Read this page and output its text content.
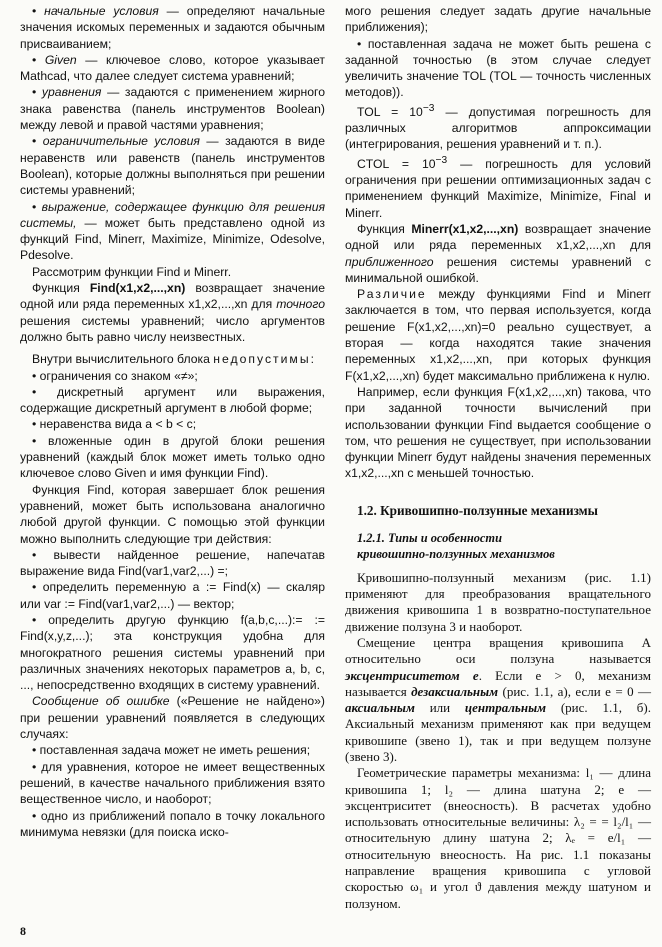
• начальные условия — определяют начальные значения искомых переменных и задаются обычным присваиванием;

• Given — ключевое слово, которое указывает Mathcad, что далее следует система уравнений;

• уравнения — задаются с применением жирного знака равенства (панель инструментов Boolean) между левой и правой частями уравнения;

• ограничительные условия — задаются в виде неравенств или равенств (панель инструментов Boolean), которые должны выполняться при решении системы уравнений;

• выражение, содержащее функцию для решения системы, — может быть представлено одной из функций Find, Minerr, Maximize, Minimize, Odesolve, Pdesolve.

Рассмотрим функции Find и Minerr.

Функция Find(x1,x2,...,xn) возвращает значение одной или ряда переменных x1,x2,...,xn для точного решения системы уравнений; число аргументов должно быть равно числу неизвестных.

Внутри вычислительного блока недопустимы:

• ограничения со знаком «≠»;

• дискретный аргумент или выражения, содержащие дискретный аргумент в любой форме;

• неравенства вида a < b < c;

• вложенные один в другой блоки решения уравнений (каждый блок может иметь только одно ключевое слово Given и имя функции Find).

Функция Find, которая завершает блок решения уравнений, может быть использована аналогично любой другой функции. С помощью этой функции можно выполнить следующие три действия:

• вывести найденное решение, напечатав выражение вида Find(var1,var2,...) =;

• определить переменную a := Find(x) — скаляр или var := Find(var1,var2,...) — вектор;

• определить другую функцию f(a,b,c,...):= := Find(x,y,z,...); эта конструкция удобна для многократного решения системы уравнений при различных значениях некоторых параметров a, b, c, ..., непосредственно входящих в систему уравнений.

Сообщение об ошибке («Решение не найдено») при решении уравнений появляется в следующих случаях:

• поставленная задача может не иметь решения;

• для уравнения, которое не имеет вещественных решений, в качестве начального приближения взято вещественное число, и наоборот;

• одно из приближений попало в точку локального минимума невязки (для поиска иско-

мого решения следует задать другие начальные приближения);

• поставленная задача не может быть решена с заданной точностью (в этом случае следует увеличить значение TOL (TOL — точность численных методов)).

TOL = $10^{-3}$ — допустимая погрешность для различных алгоритмов аппроксимации (интегрирования, решения уравнений и т. п.).

CTOL = $10^{-3}$ — погрешность для условий ограничения при решении оптимизационных задач с применением функций Maximize, Minimize, Final и Minerr.

Функция Minerr(x1,x2,...,xn) возвращает значение одной или ряда переменных x1,x2,...,xn для приближенного решения системы уравнений с минимальной ошибкой.

Различие между функциями Find и Minerr заключается в том, что первая используется, когда решение F(x1,x2,...,xn)=0 реально существует, а вторая — когда находятся такие значения переменных x1,x2,...,xn, при которых функция F(x1,x2,...,xn) будет максимально приближена к нулю.

Например, если функция F(x1,x2,...,xn) такова, что при заданной точности вычислений при использовании функции Find выдается сообщение о том, что решения не существует, при использовании функции Minerr будут найдены значения переменных x1,x2,...,xn с меньшей точностью.

1.2. Кривошипно-ползунные механизмы

1.2.1. Типы и особенности
кривошипно-ползунных механизмов

Кривошипно-ползунный механизм (рис. 1.1) применяют для преобразования вращательного движения кривошипа 1 в возвратно-поступательное движение ползуна 3 и наоборот.

Смещение центра вращения кривошипа A относительно оси ползуна называется эксцентриситетом e. Если e > 0, механизм называется дезаксиальным (рис. 1.1, а), если e = 0 — аксиальным или центральным (рис. 1.1, б). Аксиальный механизм применяют как при ведущем кривошипе (звено 1), так и при ведущем ползуне (звено 3).

Геометрические параметры механизма: l₁ — длина кривошипа 1; l₂ — длина шатуна 2; e — эксцентриситет (внеосность). В расчетах удобно использовать относительные величины: λ₂ = = l₂/l₁ — относительную длину шатуна 2; λₑ = e/l₁ — относительную внеосность. На рис. 1.1 показаны направление вращения кривошипа с угловой скоростью ω₁ и угол ϑ давления между шатуном и ползуном.

8
